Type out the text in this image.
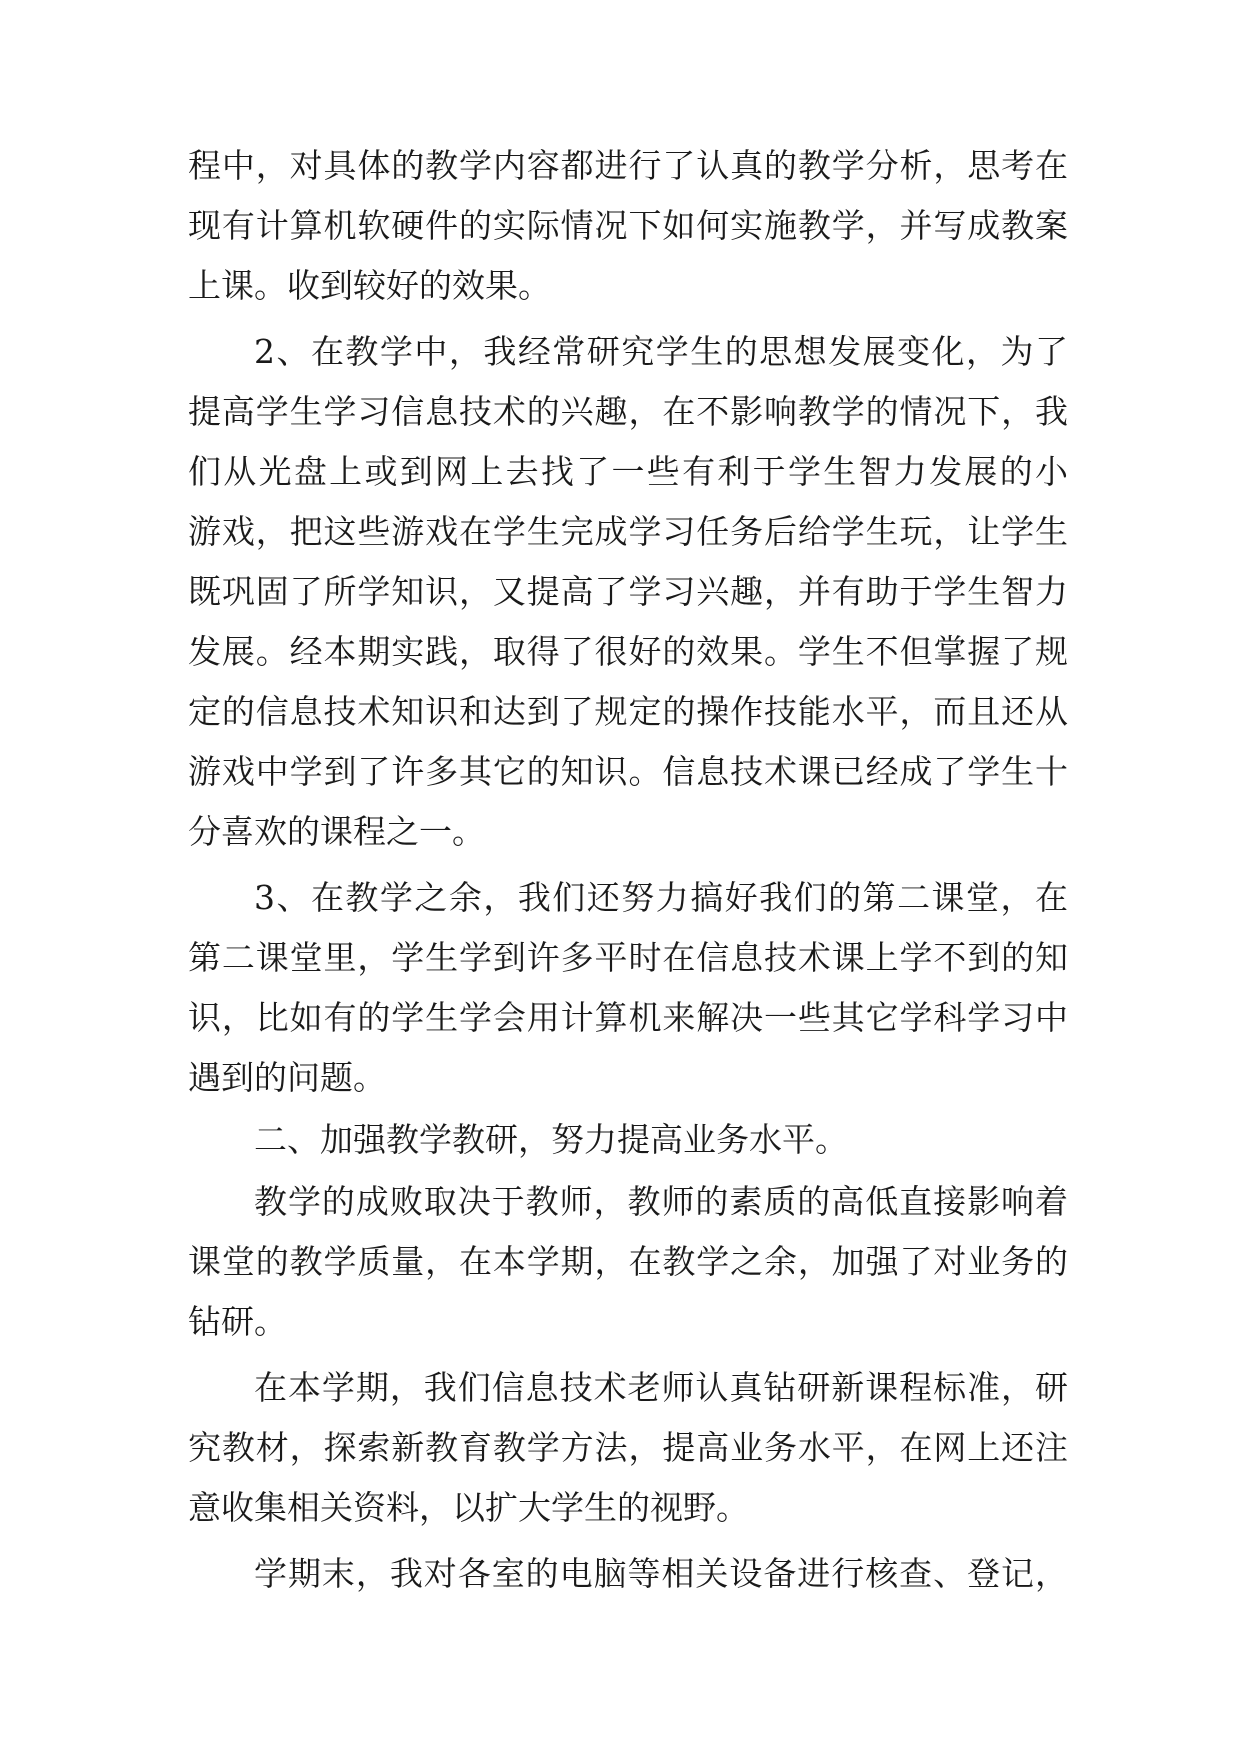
程中，对具体的教学内容都进行了认真的教学分析，思考在
现有计算机软硬件的实际情况下如何实施教学，并写成教案
上课。收到较好的效果。
2、在教学中，我经常研究学生的思想发展变化，为了
提高学生学习信息技术的兴趣，在不影响教学的情况下，我
们从光盘上或到网上去找了一些有利于学生智力发展的小
游戏，把这些游戏在学生完成学习任务后给学生玩，让学生
既巩固了所学知识，又提高了学习兴趣，并有助于学生智力
发展。经本期实践，取得了很好的效果。学生不但掌握了规
定的信息技术知识和达到了规定的操作技能水平，而且还从
游戏中学到了许多其它的知识。信息技术课已经成了学生十
分喜欢的课程之一。
3、在教学之余，我们还努力搞好我们的第二课堂，在
第二课堂里，学生学到许多平时在信息技术课上学不到的知
识，比如有的学生学会用计算机来解决一些其它学科学习中
遇到的问题。
二、加强教学教研，努力提高业务水平。
教学的成败取决于教师，教师的素质的高低直接影响着
课堂的教学质量，在本学期，在教学之余，加强了对业务的
钻研。
在本学期，我们信息技术老师认真钻研新课程标准，研
究教材，探索新教育教学方法，提高业务水平，在网上还注
意收集相关资料，以扩大学生的视野。
学期末，我对各室的电脑等相关设备进行核查、登记，
